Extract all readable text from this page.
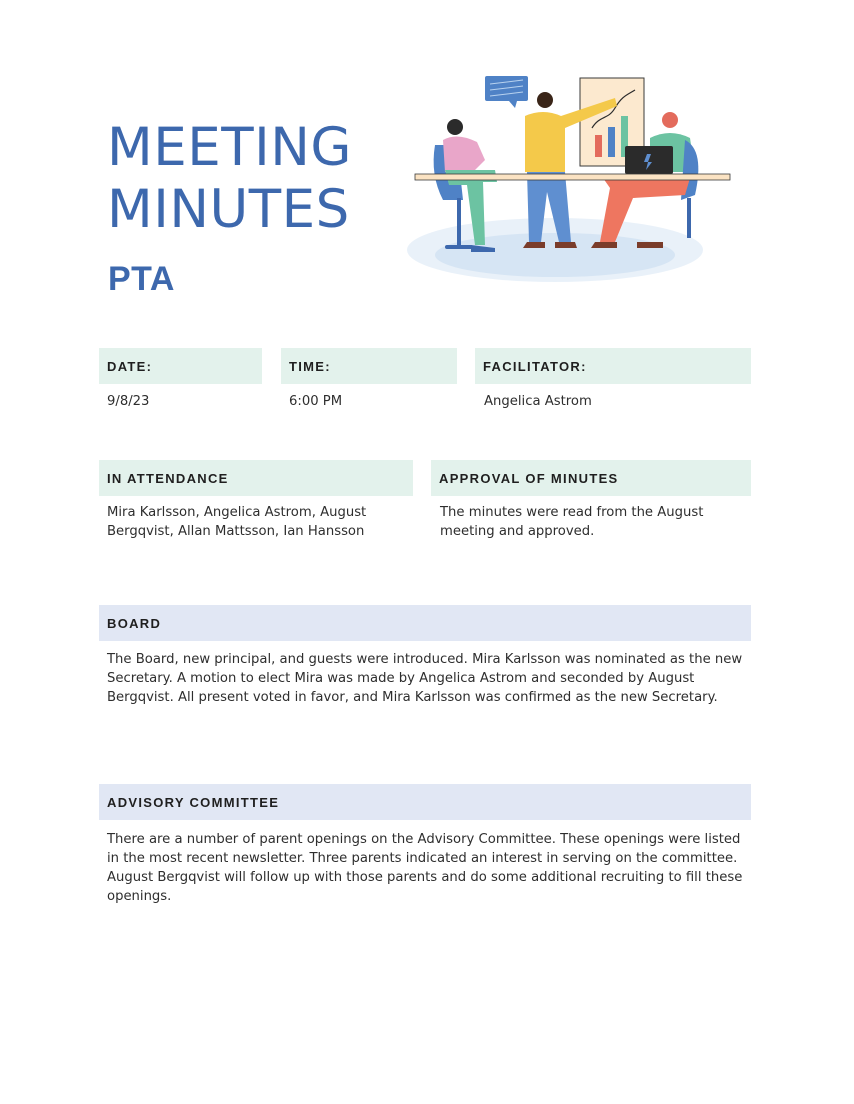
MEETING
MINUTES
PTA
DATE:	TIME:	FACILITATOR:

9/8/23	6:00 PM	Angelica Astrom

IN ATTENDANCE	APPROVAL OF MINUTES

Mira Karlsson, Angelica Astrom, August Bergqvist, Allan Mattsson, Ian Hansson

The minutes were read from the August meeting and approved.

BOARD

The Board, new principal, and guests were introduced. Mira Karlsson was nominated as the new Secretary. A motion to elect Mira was made by Angelica Astrom and seconded by August Bergqvist. All present voted in favor, and Mira Karlsson was confirmed as the new Secretary.

ADVISORY COMMITTEE

There are a number of parent openings on the Advisory Committee. These openings were listed in the most recent newsletter. Three parents indicated an interest in serving on the committee. August Bergqvist will follow up with those parents and do some additional recruiting to fill these openings.
